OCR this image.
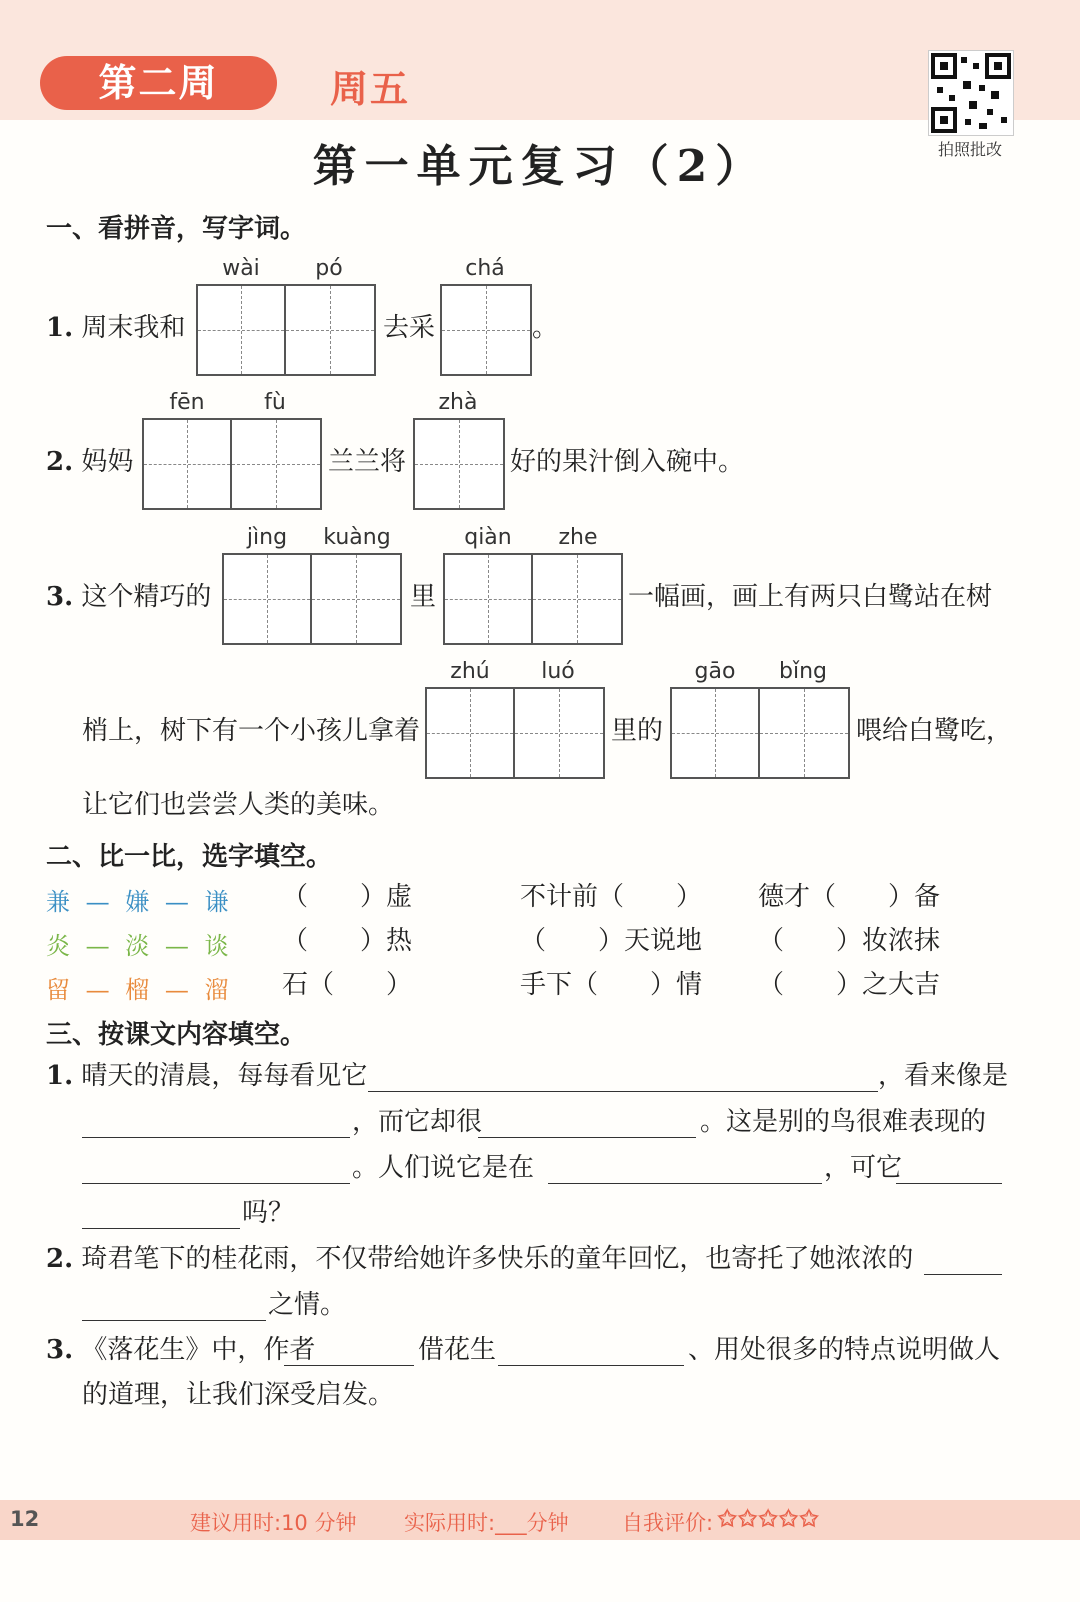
第二周	周五
拍照批改
第一单元复习（2）
一、看拼音，写字词。
1. 周末我和
wài	pó
去采
chá
。
2. 妈妈
fēn	fù
兰兰将
zhà
好的果汁倒入碗中。
3. 这个精巧的
jìng	kuàng
里
qiàn	zhe
一幅画，画上有两只白鹭站在树
梢上，树下有一个小孩儿拿着
zhú	luó
里的
gāo	bǐng
喂给白鹭吃，
让它们也尝尝人类的美味。
二、比一比，选字填空。
兼 — 嫌 — 谦 （　　）虚	不计前（　　） 德才（　　）备
炎 — 淡 — 谈 （　　）热	（　　）天说地 （　　）妆浓抹
留 — 榴 — 溜 石（　　）	手下（　　）情 （　　）之大吉
三、按课文内容填空。
1. 晴天的清晨，每每看见它	，看来像是
，而它却很	。这是别的鸟很难表现的
。人们说它是在	，可它
吗？
2. 琦君笔下的桂花雨，不仅带给她许多快乐的童年回忆，也寄托了她浓浓的
之情。
3. 《落花生》中，作者	借花生	、用处很多的特点说明做人
的道理，让我们深受启发。
12	建议用时:10 分钟 实际用时:___分钟	自我评价: ✩✩✩✩✩
